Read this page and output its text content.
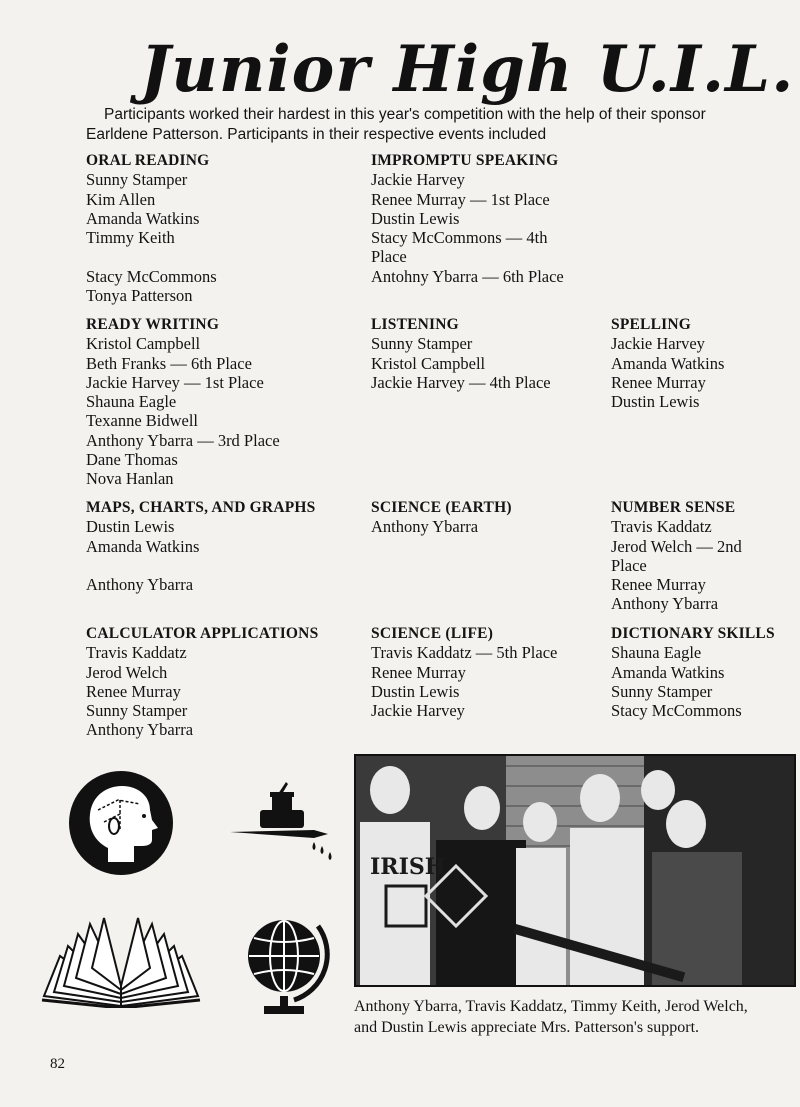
Junior High U.I.L.
Participants worked their hardest in this year's competition with the help of their sponsor
Earldene Patterson. Participants in their respective events included
ORAL READING
Sunny Stamper
Kim Allen
Amanda Watkins
Timmy Keith
Stacy McCommons
Tonya Patterson
IMPROMPTU SPEAKING
Jackie Harvey
Renee Murray — 1st Place
Dustin Lewis
Stacy McCommons — 4th
Place
Antohny Ybarra — 6th Place
READY WRITING
Kristol Campbell
Beth Franks — 6th Place
Jackie Harvey — 1st Place
Shauna Eagle
Texanne Bidwell
Anthony Ybarra — 3rd Place
Dane Thomas
Nova Hanlan
LISTENING
Sunny Stamper
Kristol Campbell
Jackie Harvey — 4th Place
SPELLING
Jackie Harvey
Amanda Watkins
Renee Murray
Dustin Lewis
MAPS, CHARTS, AND GRAPHS
Dustin Lewis
Amanda Watkins
Anthony Ybarra
SCIENCE (EARTH)
Anthony Ybarra
NUMBER SENSE
Travis Kaddatz
Jerod Welch — 2nd
Place
Renee Murray
Anthony Ybarra
CALCULATOR APPLICATIONS
Travis Kaddatz
Jerod Welch
Renee Murray
Sunny Stamper
Anthony Ybarra
SCIENCE (LIFE)
Travis Kaddatz — 5th Place
Renee Murray
Dustin Lewis
Jackie Harvey
DICTIONARY SKILLS
Shauna Eagle
Amanda Watkins
Sunny Stamper
Stacy McCommons
IRISH
Anthony Ybarra, Travis Kaddatz, Timmy Keith, Jerod Welch,
and Dustin Lewis appreciate Mrs. Patterson's support.
82
